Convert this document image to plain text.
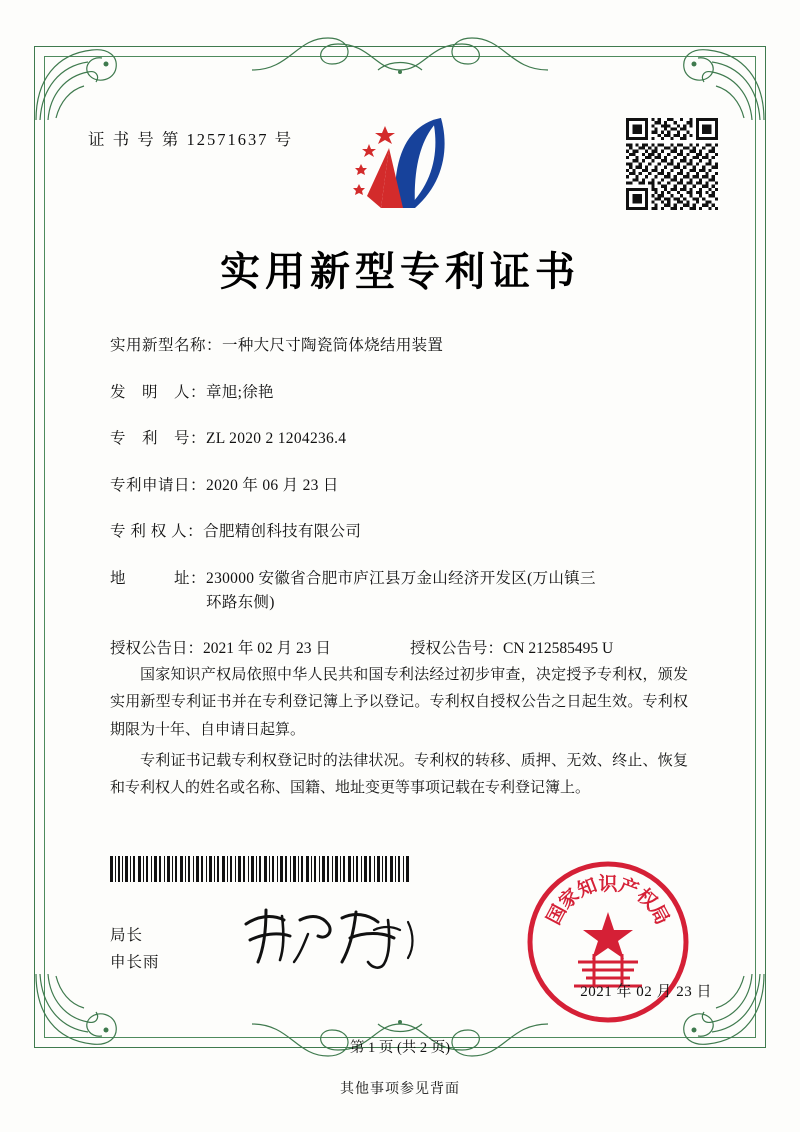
证 书 号 第 12571637 号
实用新型专利证书
实用新型名称： 一种大尺寸陶瓷筒体烧结用装置
发　明　人： 章旭;徐艳
专　利　号： ZL 2020 2 1204236.4
专利申请日： 2020 年 06 月 23 日
专 利 权 人： 合肥精创科技有限公司
地　　　址： 230000 安徽省合肥市庐江县万金山经济开发区(万山镇三
环路东侧)
授权公告日： 2021 年 02 月 23 日	授权公告号： CN 212585495 U

国家知识产权局依照中华人民共和国专利法经过初步审查，决定授予专利权，颁发实用新型专利证书并在专利登记簿上予以登记。专利权自授权公告之日起生效。专利权期限为十年、自申请日起算。

专利证书记载专利权登记时的法律状况。专利权的转移、质押、无效、终止、恢复和专利权人的姓名或名称、国籍、地址变更等事项记载在专利登记簿上。

局长
申长雨
国
家
知
识
产
权
局
2021 年 02 月 23 日
第 1 页 (共 2 页)
其他事项参见背面
